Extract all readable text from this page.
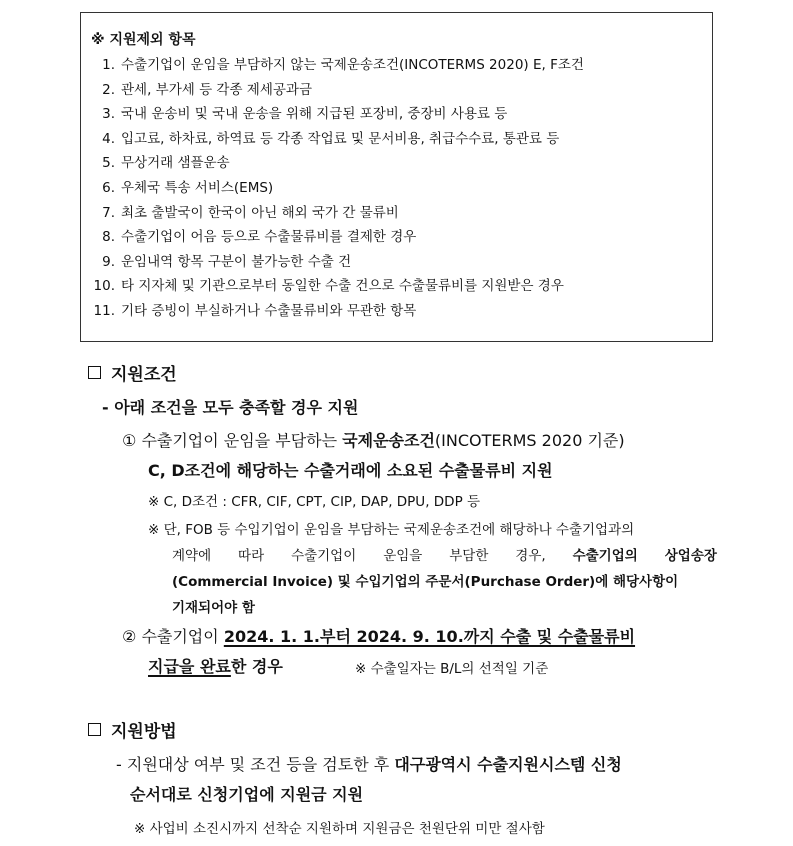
※ 지원제외 항목
1. 수출기업이 운임을 부담하지 않는 국제운송조건(INCOTERMS 2020) E, F조건
2. 관세, 부가세 등 각종 제세공과금
3. 국내 운송비 및 국내 운송을 위해 지급된 포장비, 중장비 사용료 등
4. 입고료, 하차료, 하역료 등 각종 작업료 및 문서비용, 취급수수료, 통관료 등
5. 무상거래 샘플운송
6. 우체국 특송 서비스(EMS)
7. 최초 출발국이 한국이 아닌 해외 국가 간 물류비
8. 수출기업이 어음 등으로 수출물류비를 결제한 경우
9. 운임내역 항목 구분이 불가능한 수출 건
10. 타 지자체 및 기관으로부터 동일한 수출 건으로 수출물류비를 지원받은 경우
11. 기타 증빙이 부실하거나 수출물류비와 무관한 항목
지원조건
- 아래 조건을 모두 충족할 경우 지원
① 수출기업이 운임을 부담하는 국제운송조건(INCOTERMS 2020 기준)
C, D조건에 해당하는 수출거래에 소요된 수출물류비 지원
※ C, D조건 : CFR, CIF, CPT, CIP, DAP, DPU, DDP 등
※ 단, FOB 등 수입기업이 운임을 부담하는 국제운송조건에 해당하나 수출기업과의
계약에 따라 수출기업이 운임을 부담한 경우, 수출기업의 상업송장
(Commercial Invoice) 및 수입기업의 주문서(Purchase Order)에 해당사항이
기재되어야 함
② 수출기업이 2024. 1. 1.부터 2024. 9. 10.까지 수출 및 수출물류비
지급을 완료한 경우	※ 수출일자는 B/L의 선적일 기준
지원방법
- 지원대상 여부 및 조건 등을 검토한 후 대구광역시 수출지원시스템 신청
순서대로 신청기업에 지원금 지원
※ 사업비 소진시까지 선착순 지원하며 지원금은 천원단위 미만 절사함
